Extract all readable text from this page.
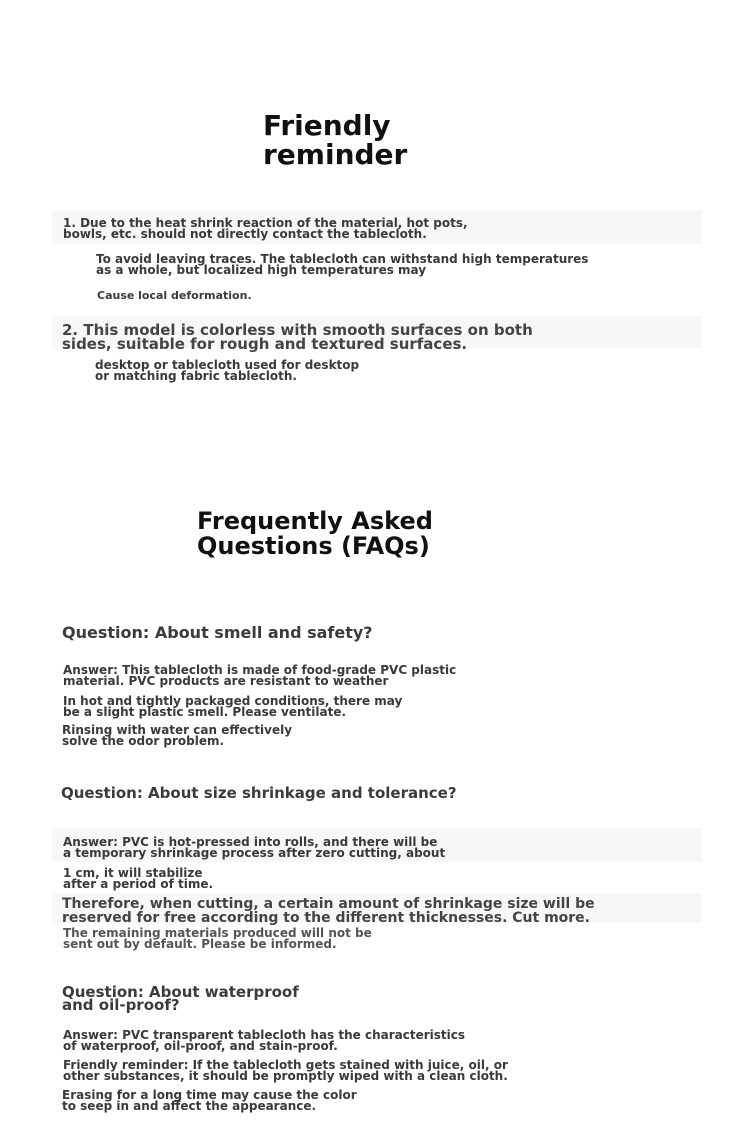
Friendly
reminder

1. Due to the heat shrink reaction of the material, hot pots,
bowls, etc. should not directly contact the tablecloth.

To avoid leaving traces. The tablecloth can withstand high temperatures
as a whole, but localized high temperatures may

Cause local deformation.

2. This model is colorless with smooth surfaces on both
sides, suitable for rough and textured surfaces.

desktop or tablecloth used for desktop
or matching fabric tablecloth.

Frequently Asked
Questions (FAQs)

Question: About smell and safety?

Answer: This tablecloth is made of food-grade PVC plastic
material. PVC products are resistant to weather

In hot and tightly packaged conditions, there may
be a slight plastic smell. Please ventilate.

Rinsing with water can effectively
solve the odor problem.

Question: About size shrinkage and tolerance?

Answer: PVC is hot-pressed into rolls, and there will be
a temporary shrinkage process after zero cutting, about

1 cm, it will stabilize
after a period of time.

Therefore, when cutting, a certain amount of shrinkage size will be
reserved for free according to the different thicknesses. Cut more.

The remaining materials produced will not be
sent out by default. Please be informed.

Question: About waterproof
and oil-proof?

Answer: PVC transparent tablecloth has the characteristics
of waterproof, oil-proof, and stain-proof.

Friendly reminder: If the tablecloth gets stained with juice, oil, or
other substances, it should be promptly wiped with a clean cloth.

Erasing for a long time may cause the color
to seep in and affect the appearance.
